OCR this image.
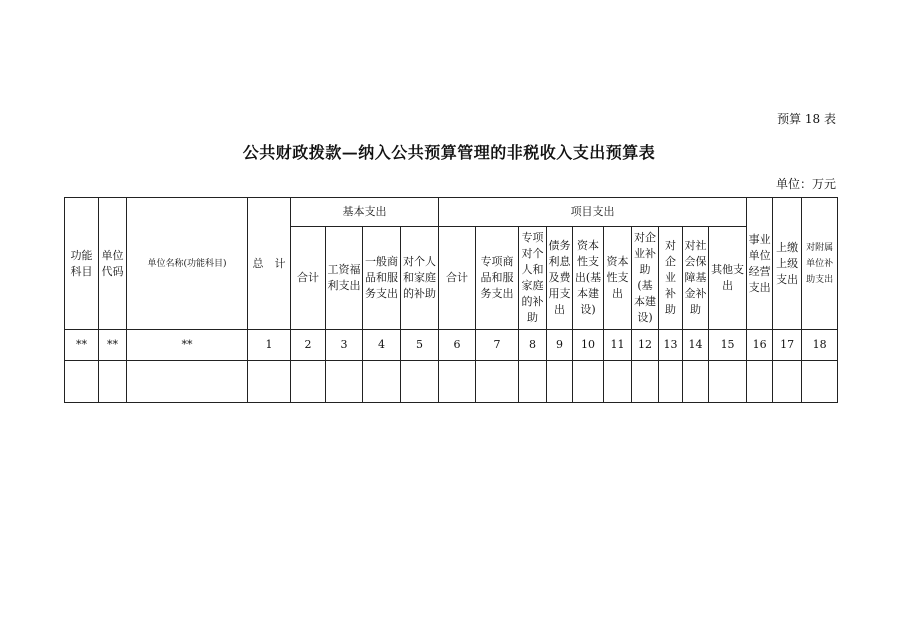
预算 18 表
公共财政拨款—纳入公共预算管理的非税收入支出预算表
单位：万元
功能科目	单位代码	单位名称(功能科目)	总　计	基本支出				项目支出										事业单位经营支出	上缴上级支出	对附属单位补助支出
				合计	工资福利支出	一般商品和服务支出	对个人和家庭的补助	合计	专项商品和服务支出	专项对个人和家庭的补助	债务利息及费用支出	资本性支出(基本建设)	资本性支出	对企业补助(基本建设)	对企业补助	对社会保障基金补助	其他支出			
**	**	**	1	2	3	4	5	6	7	8	9	10	11	12	13	14	15	16	17	18
